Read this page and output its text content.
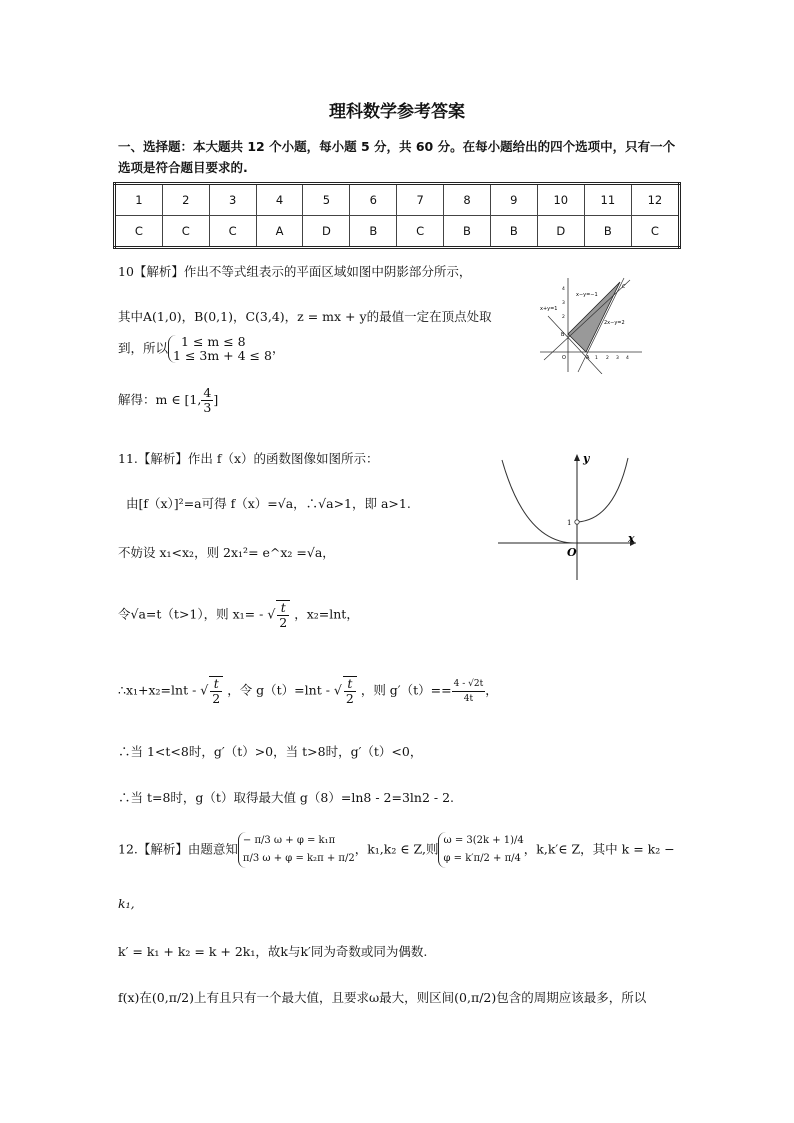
理科数学参考答案
一、选择题：本大题共 12 个小题，每小题 5 分，共 60 分。在每小题给出的四个选项中，只有一个选项是符合题目要求的.
1	2	3	4	5	6	7	8	9	10	11	12
C	C	C	A	D	B	C	B	B	D	B	C
10【解析】作出不等式组表示的平面区域如图中阴影部分所示，
其中A(1,0)，B(0,1)，C(3,4)，z = mx + y的最值一定在顶点处取
到，所以	1 ≤ m ≤ 8
1 ≤ 3m + 4 ≤ 8 ，
解得：m ∈ [1, $\frac{4}{3}$ ]
x+y=1
x−y=−1
2x−y=2
C
A
B
O	1 2 3 4
4
3
2
11.【解析】作出 f（x）的函数图像如图所示：
由[f（x）]²=a可得 f（x）=√a，∴√a>1，即 a>1.
不妨设 x₁<x₂，则 2x₁²= e^x₂ =√a，
令√a=t（t>1），则 x₁= - √ $\frac{t}{2}$ ，x₂=lnt，
∴x₁+x₂=lnt - √ $\frac{t}{2}$ ，令 g（t）=lnt - √ $\frac{t}{2}$ ，则 $g'(t)== \frac{4 - √2t}{4t}$ ，
∴当 1<t<8时，g′（t）>0，当 t>8时，g′（t）<0，
∴当 t=8时，g（t）取得最大值 g（8）=ln8 - 2=3ln2 - 2.
y
x
O
1
12.【解析】由题意知
− π/3 ω + φ = k₁π
π/3 ω + φ = k₂π + π/2
，k₁,k₂ ∈ Z,则
ω = 3(2k + 1)/4
φ = k′π/2 + π/4
，k,k′∈ Z，其中 k = k₂ −
k₁,
k′ = k₁ + k₂ = k + 2k₁，故k与k′同为奇数或同为偶数.
f(x)在(0,π/2)上有且只有一个最大值，且要求ω最大，则区间(0,π/2)包含的周期应该最多，所以
